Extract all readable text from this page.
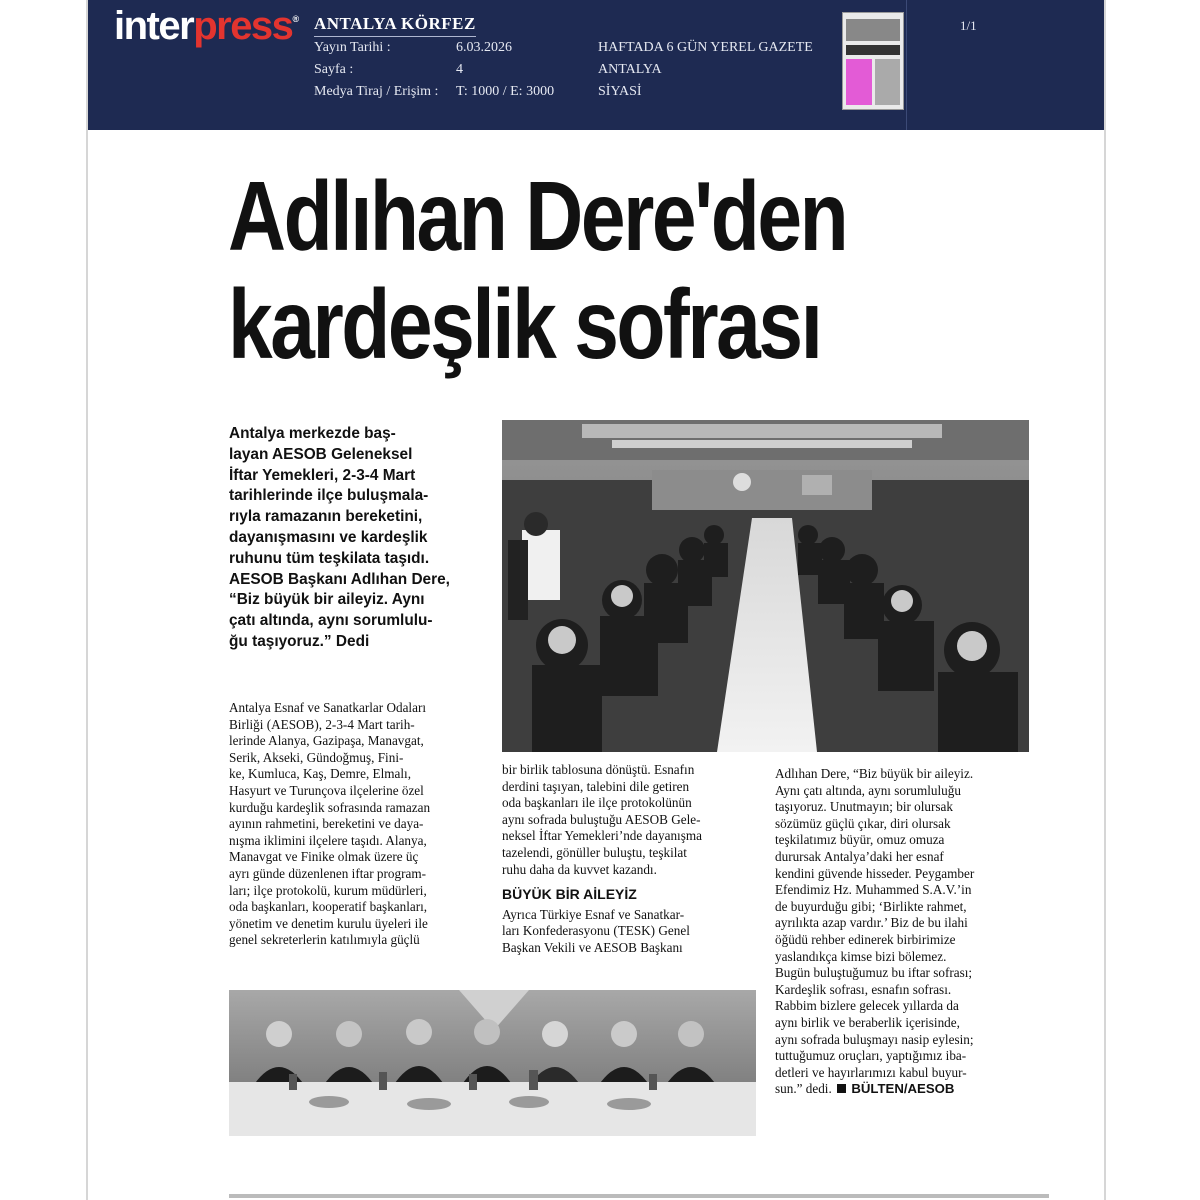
interpress® ANTALYA KÖRFEZ
Yayın Tarihi :	6.03.2026
Sayfa :	4
Medya Tiraj / Erişim : T: 1000 / E: 3000
HAFTADA 6 GÜN YEREL GAZETE
ANTALYA
SİYASİ
1/1
Adlıhan Dere'den
kardeşlik sofrası
Antalya merkezde baş-
layan AESOB Geleneksel
İftar Yemekleri, 2-3-4 Mart
tarihlerinde ilçe buluşmala-
rıyla ramazanın bereketini,
dayanışmasını ve kardeşlik
ruhunu tüm teşkilata taşıdı.
AESOB Başkanı Adlıhan Dere,
“Biz büyük bir aileyiz. Aynı
çatı altında, aynı sorumlulu-
ğu taşıyoruz.” Dedi
Antalya Esnaf ve Sanatkarlar Odaları
Birliği (AESOB), 2-3-4 Mart tarih-
lerinde Alanya, Gazipaşa, Manavgat,
Serik, Akseki, Gündoğmuş, Fini-
ke, Kumluca, Kaş, Demre, Elmalı,
Hasyurt ve Turunçova ilçelerine özel
kurduğu kardeşlik sofrasında ramazan
ayının rahmetini, bereketini ve daya-
nışma iklimini ilçelere taşıdı. Alanya,
Manavgat ve Finike olmak üzere üç
ayrı günde düzenlenen iftar program-
ları; ilçe protokolü, kurum müdürleri,
oda başkanları, kooperatif başkanları,
yönetim ve denetim kurulu üyeleri ile
genel sekreterlerin katılımıyla güçlü
bir birlik tablosuna dönüştü. Esnafın
derdini taşıyan, talebini dile getiren
oda başkanları ile ilçe protokolünün
aynı sofrada buluştuğu AESOB Gele-
neksel İftar Yemekleri’nde dayanışma
tazelendi, gönüller buluştu, teşkilat
ruhu daha da kuvvet kazandı.
BÜYÜK BİR AİLEYİZ
Ayrıca Türkiye Esnaf ve Sanatkar-
ları Konfederasyonu (TESK) Genel
Başkan Vekili ve AESOB Başkanı
Adlıhan Dere, “Biz büyük bir aileyiz.
Aynı çatı altında, aynı sorumluluğu
taşıyoruz. Unutmayın; bir olursak
sözümüz güçlü çıkar, diri olursak
teşkilatımız büyür, omuz omuza
durursak Antalya’daki her esnaf
kendini güvende hisseder. Peygamber
Efendimiz Hz. Muhammed S.A.V.’in
de buyurduğu gibi; ‘Birlikte rahmet,
ayrılıkta azap vardır.’ Biz de bu ilahi
öğüdü rehber edinerek birbirimize
yaslandıkça kimse bizi bölemez.
Bugün buluştuğumuz bu iftar sofrası;
Kardeşlik sofrası, esnafın sofrası.
Rabbim bizlere gelecek yıllarda da
aynı birlik ve beraberlik içerisinde,
aynı sofrada buluşmayı nasip eylesin;
tuttuğumuz oruçları, yaptığımız iba-
detleri ve hayırlarımızı kabul buyur-
sun.” dedi. BÜLTEN/AESOB
